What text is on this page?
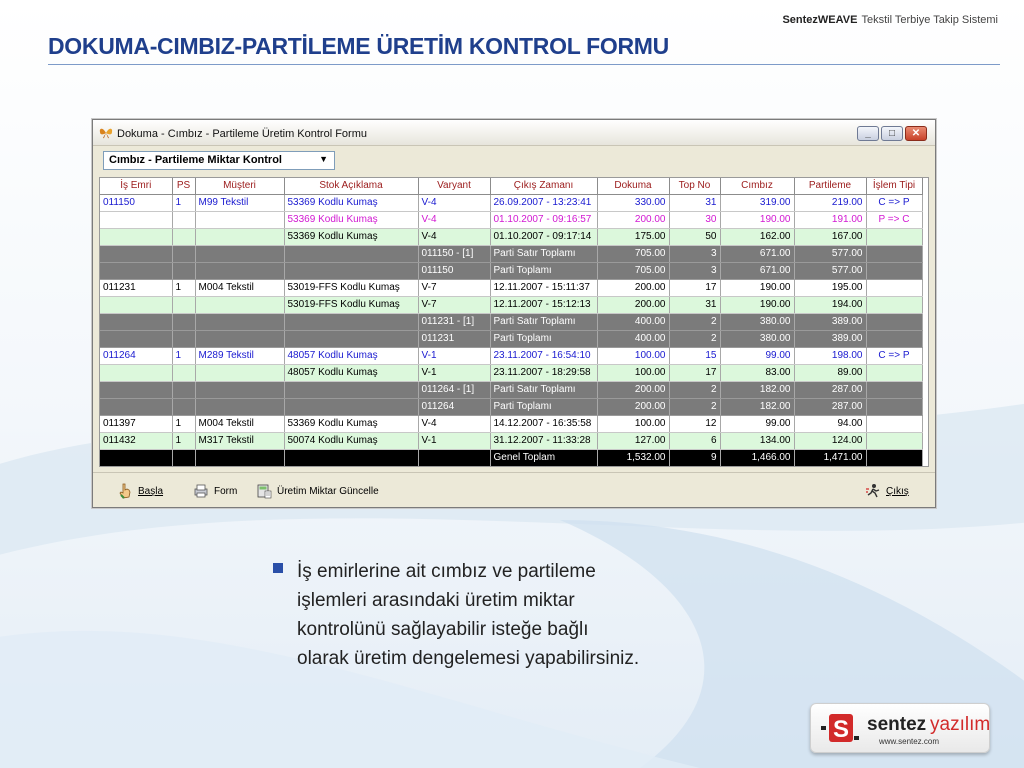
SentezWEAVE Tekstil Terbiye Takip Sistemi
DOKUMA-CIMBIZ-PARTİLEME ÜRETİM KONTROL FORMU
Dokuma - Cımbız - Partileme Üretim Kontrol Formu	_	□	✕
Cımbız - Partileme Miktar Kontrol	▼
İş Emri	PS	Müşteri	Stok Açıklama	Varyant	Çıkış Zamanı	Dokuma	Top No	Cımbız	Partileme	İşlem Tipi
011150	1	M99 Tekstil	53369 Kodlu Kumaş	V-4	26.09.2007 - 13:23:41	330.00	31	319.00	219.00	C => P
			53369 Kodlu Kumaş	V-4	01.10.2007 - 09:16:57	200.00	30	190.00	191.00	P => C
			53369 Kodlu Kumaş	V-4	01.10.2007 - 09:17:14	175.00	50	162.00	167.00	
				011150 - [1]	Parti Satır Toplamı	705.00	3	671.00	577.00	
				011150	Parti Toplamı	705.00	3	671.00	577.00	
011231	1	M004 Tekstil	53019-FFS Kodlu Kumaş	V-7	12.11.2007 - 15:11:37	200.00	17	190.00	195.00	
			53019-FFS Kodlu Kumaş	V-7	12.11.2007 - 15:12:13	200.00	31	190.00	194.00	
				011231 - [1]	Parti Satır Toplamı	400.00	2	380.00	389.00	
				011231	Parti Toplamı	400.00	2	380.00	389.00	
011264	1	M289 Tekstil	48057 Kodlu Kumaş	V-1	23.11.2007 - 16:54:10	100.00	15	99.00	198.00	C => P
			48057 Kodlu Kumaş	V-1	23.11.2007 - 18:29:58	100.00	17	83.00	89.00	
				011264 - [1]	Parti Satır Toplamı	200.00	2	182.00	287.00	
				011264	Parti Toplamı	200.00	2	182.00	287.00	
011397	1	M004 Tekstil	53369 Kodlu Kumaş	V-4	14.12.2007 - 16:35:58	100.00	12	99.00	94.00	
011432	1	M317 Tekstil	50074 Kodlu Kumaş	V-1	31.12.2007 - 11:33:28	127.00	6	134.00	124.00	
					Genel Toplam	1,532.00	9	1,466.00	1,471.00	
Başla	Form	Üretim Miktar Güncelle	Çıkış
İş emirlerine ait cımbız ve partileme
işlemleri arasındaki üretim miktar
kontrolünü sağlayabilir isteğe bağlı
olarak üretim dengelemesi yapabilirsiniz.
S sentez yazılım
www.sentez.com
